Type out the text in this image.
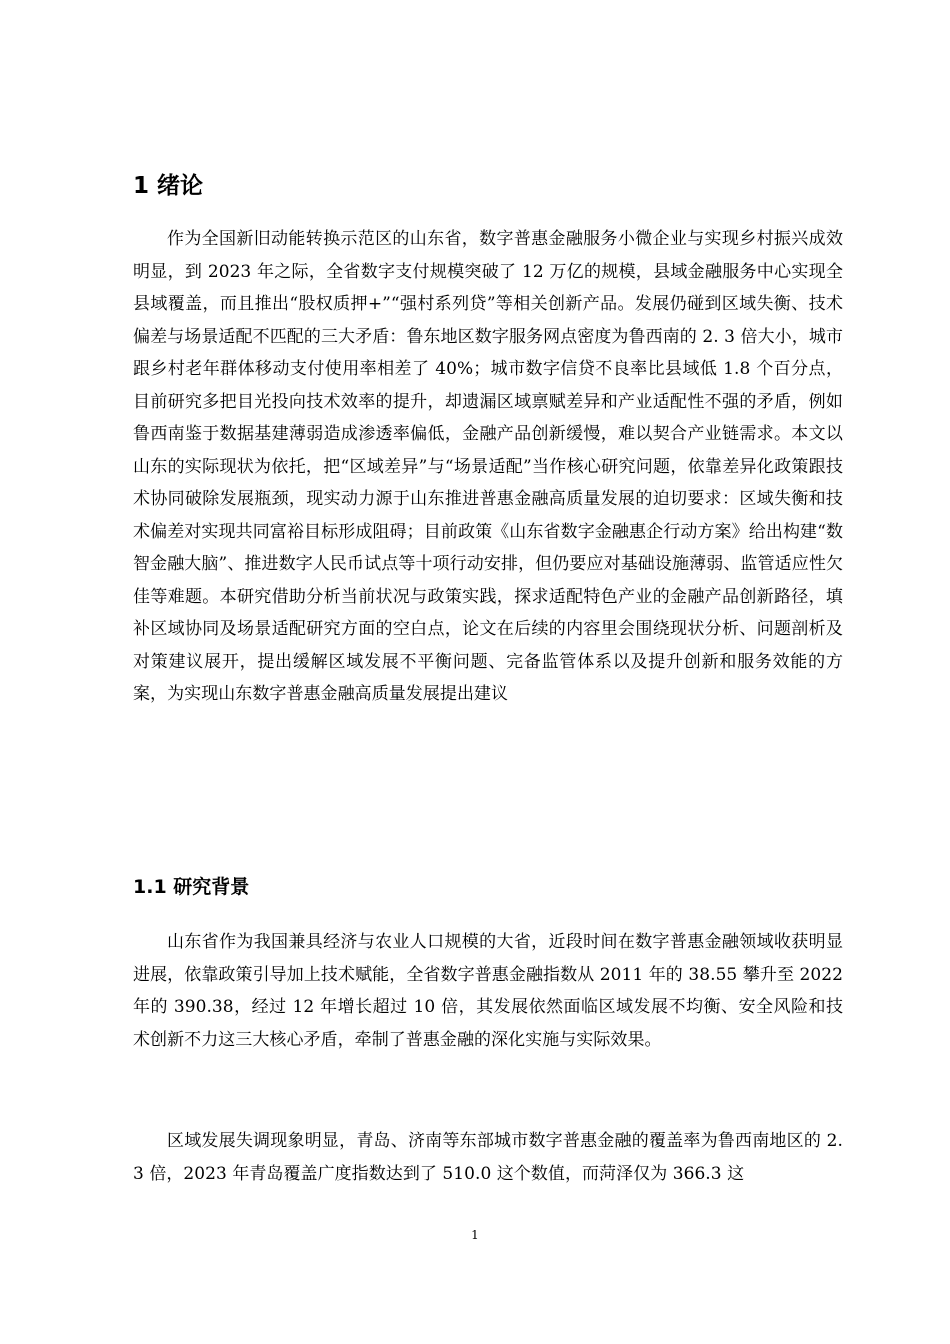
1 绪论

作为全国新旧动能转换示范区的山东省，数字普惠金融服务小微企业与实现乡村振兴成效明显，到 2023 年之际，全省数字支付规模突破了 12 万亿的规模，县域金融服务中心实现全县域覆盖，而且推出“股权质押+”“强村系列贷”等相关创新产品。发展仍碰到区域失衡、技术偏差与场景适配不匹配的三大矛盾：鲁东地区数字服务网点密度为鲁西南的 2. 3 倍大小，城市跟乡村老年群体移动支付使用率相差了 40%；城市数字信贷不良率比县域低 1.8 个百分点，目前研究多把目光投向技术效率的提升，却遗漏区域禀赋差异和产业适配性不强的矛盾，例如鲁西南鉴于数据基建薄弱造成渗透率偏低，金融产品创新缓慢，难以契合产业链需求。本文以山东的实际现状为依托，把“区域差异”与“场景适配”当作核心研究问题，依靠差异化政策跟技术协同破除发展瓶颈，现实动力源于山东推进普惠金融高质量发展的迫切要求：区域失衡和技术偏差对实现共同富裕目标形成阻碍；目前政策《山东省数字金融惠企行动方案》给出构建“数智金融大脑”、推进数字人民币试点等十项行动安排，但仍要应对基础设施薄弱、监管适应性欠佳等难题。本研究借助分析当前状况与政策实践，探求适配特色产业的金融产品创新路径，填补区域协同及场景适配研究方面的空白点，论文在后续的内容里会围绕现状分析、问题剖析及对策建议展开，提出缓解区域发展不平衡问题、完备监管体系以及提升创新和服务效能的方案，为实现山东数字普惠金融高质量发展提出建议

1.1 研究背景

山东省作为我国兼具经济与农业人口规模的大省，近段时间在数字普惠金融领域收获明显进展，依靠政策引导加上技术赋能，全省数字普惠金融指数从 2011 年的 38.55 攀升至 2022 年的 390.38，经过 12 年增长超过 10 倍，其发展依然面临区域发展不均衡、安全风险和技术创新不力这三大核心矛盾，牵制了普惠金融的深化实施与实际效果。

区域发展失调现象明显，青岛、济南等东部城市数字普惠金融的覆盖率为鲁西南地区的 2.3 倍，2023 年青岛覆盖广度指数达到了 510.0 这个数值，而菏泽仅为 366.3 这

1
